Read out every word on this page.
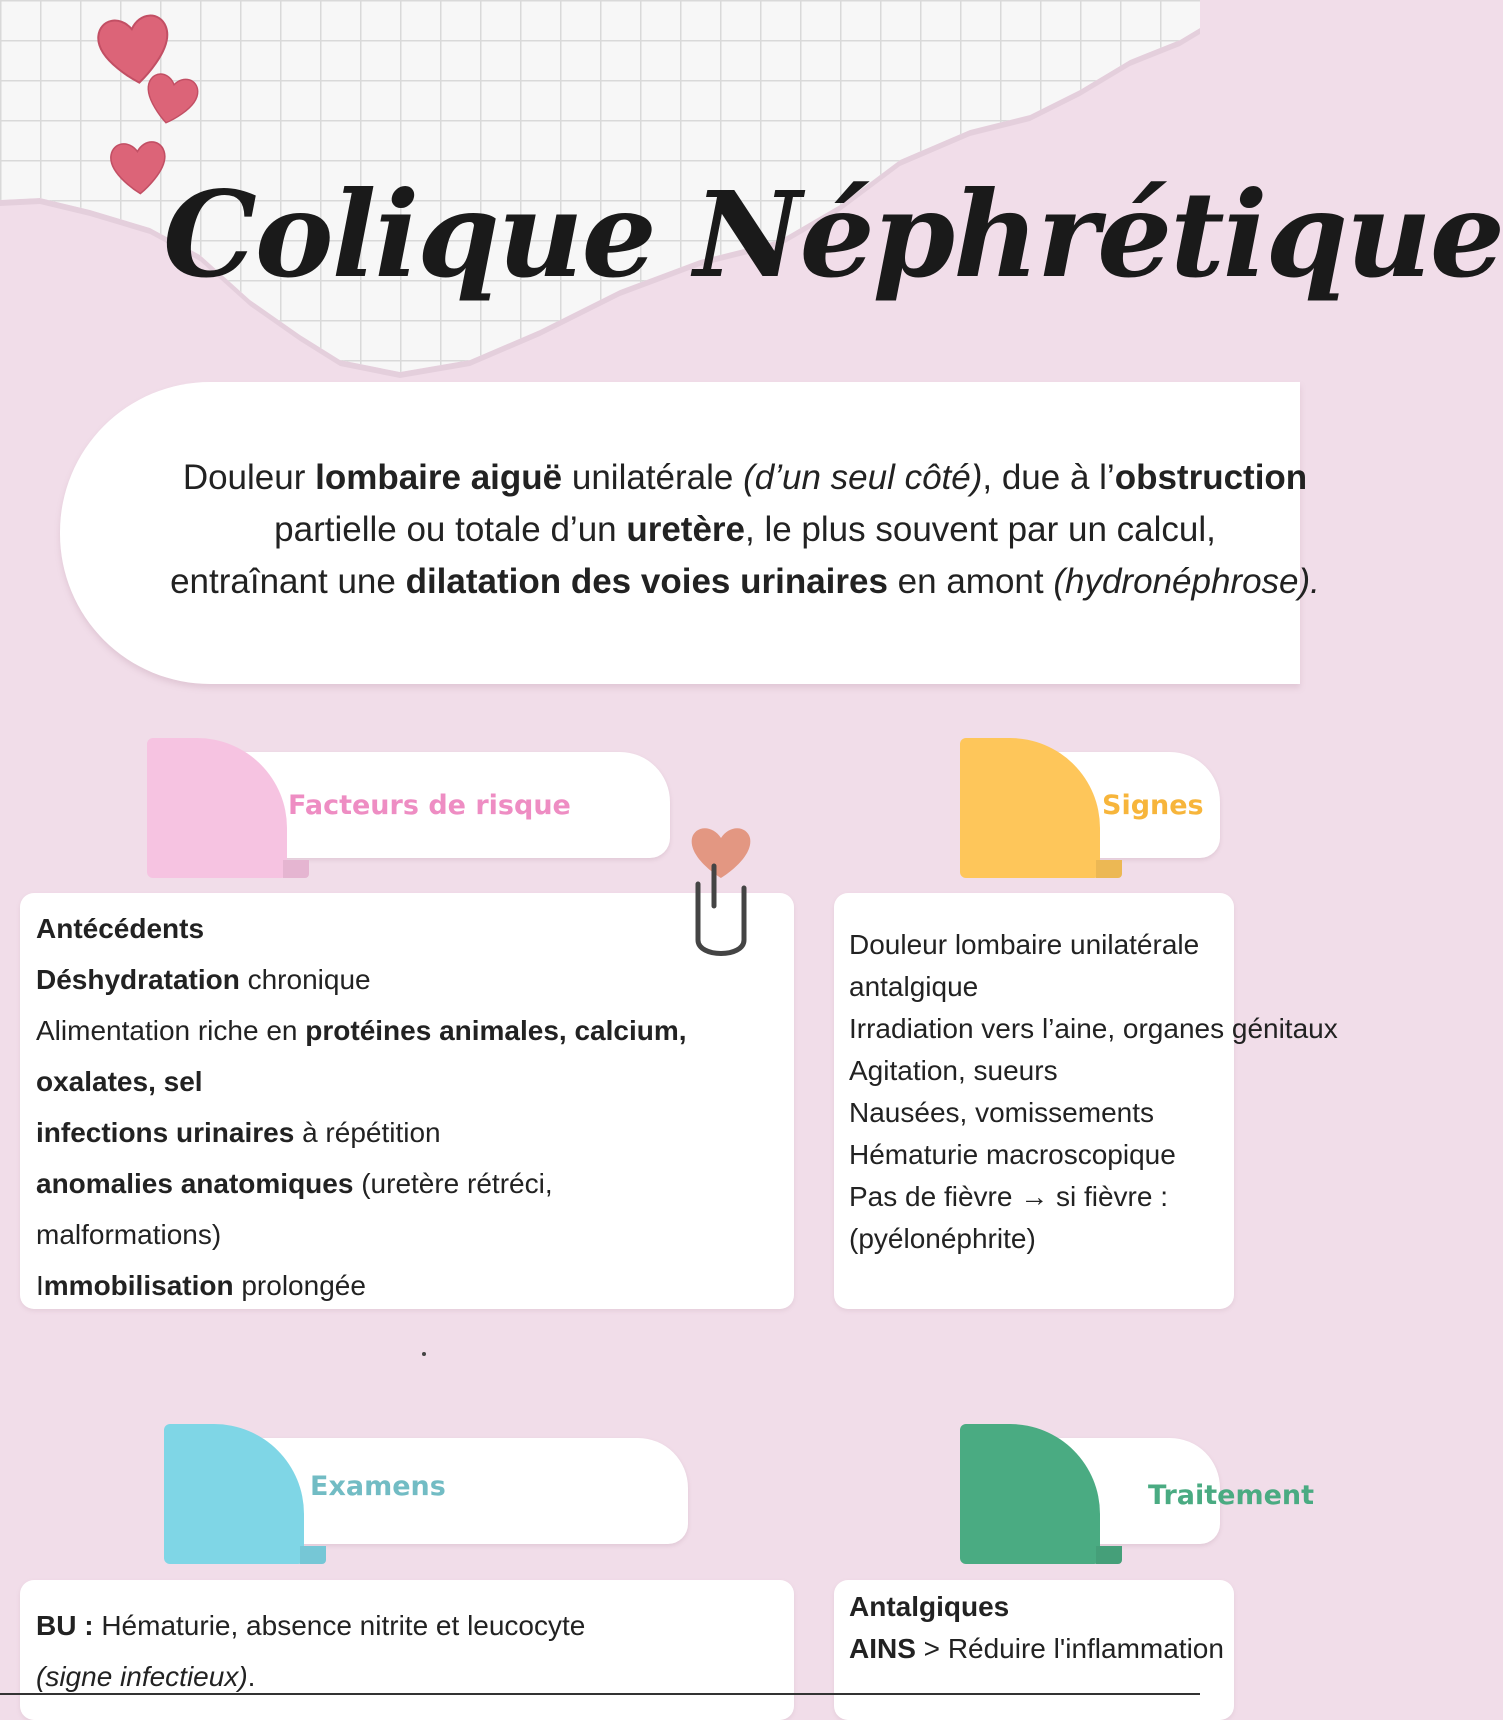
Colique Néphrétique

Douleur lombaire aiguë unilatérale (d’un seul côté), due à l’obstruction

partielle ou totale d’un uretère, le plus souvent par un calcul,

entraînant une dilatation des voies urinaires en amont (hydronéphrose).

Facteurs de risque
Antécédents
Déshydratation chronique
Alimentation riche en protéines animales, calcium,
oxalates, sel
infections urinaires à répétition
anomalies anatomiques (uretère rétréci,
malformations)
Immobilisation prolongée
Signes
Douleur lombaire unilatérale
antalgique
Irradiation vers l’aine, organes génitaux
Agitation, sueurs
Nausées, vomissements
Hématurie macroscopique
Pas de fièvre → si fièvre :
(pyélonéphrite)
Examens
BU : Hématurie, absence nitrite et leucocyte
(signe infectieux).
Traitement
Antalgiques
AINS > Réduire l'inflammation
